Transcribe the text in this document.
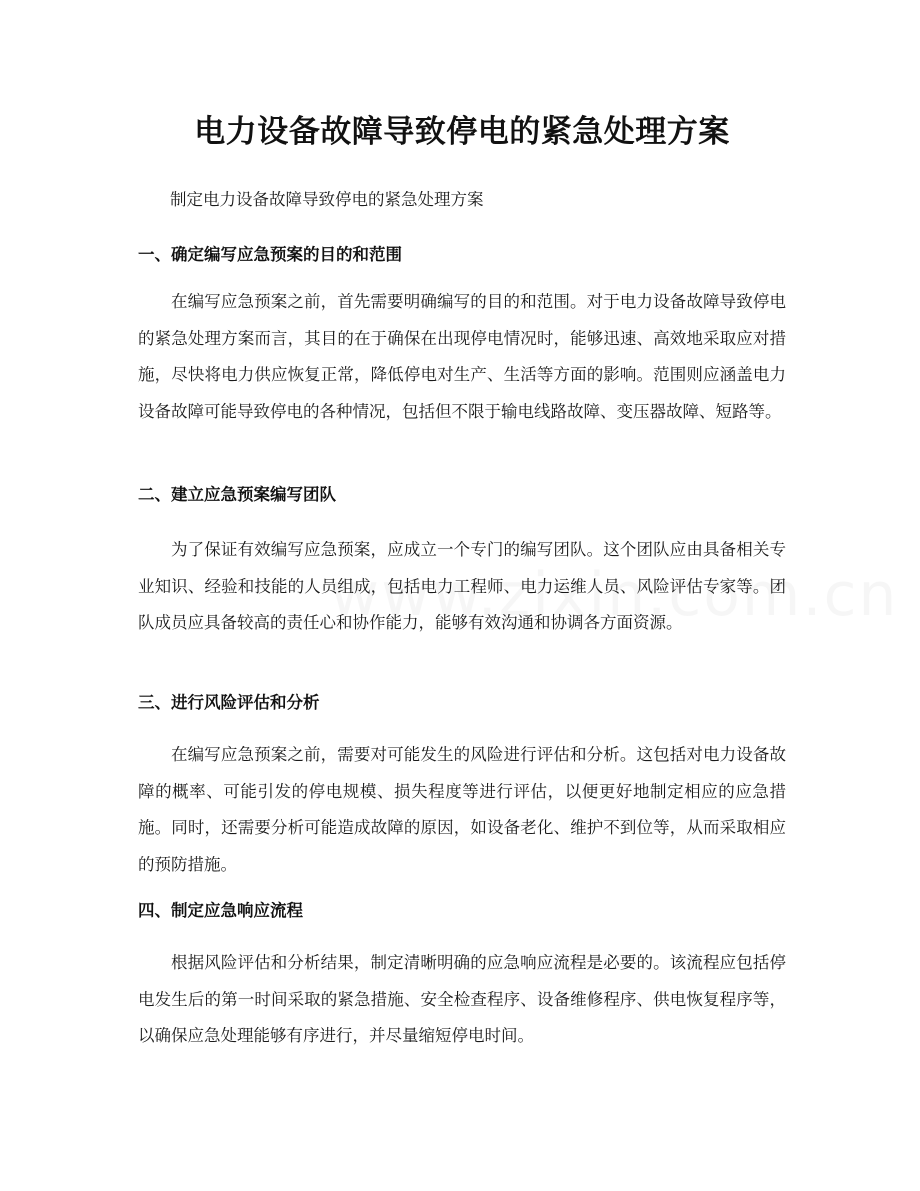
电力设备故障导致停电的紧急处理方案

制定电力设备故障导致停电的紧急处理方案

一、确定编写应急预案的目的和范围

在编写应急预案之前，首先需要明确编写的目的和范围。对于电力设备故障导致停电的紧急处理方案而言，其目的在于确保在出现停电情况时，能够迅速、高效地采取应对措施，尽快将电力供应恢复正常，降低停电对生产、生活等方面的影响。范围则应涵盖电力设备故障可能导致停电的各种情况，包括但不限于输电线路故障、变压器故障、短路等。

二、建立应急预案编写团队

为了保证有效编写应急预案，应成立一个专门的编写团队。这个团队应由具备相关专业知识、经验和技能的人员组成，包括电力工程师、电力运维人员、风险评估专家等。团队成员应具备较高的责任心和协作能力，能够有效沟通和协调各方面资源。

三、进行风险评估和分析

在编写应急预案之前，需要对可能发生的风险进行评估和分析。这包括对电力设备故障的概率、可能引发的停电规模、损失程度等进行评估，以便更好地制定相应的应急措施。同时，还需要分析可能造成故障的原因，如设备老化、维护不到位等，从而采取相应的预防措施。

四、制定应急响应流程

根据风险评估和分析结果，制定清晰明确的应急响应流程是必要的。该流程应包括停电发生后的第一时间采取的紧急措施、安全检查程序、设备维修程序、供电恢复程序等，以确保应急处理能够有序进行，并尽量缩短停电时间。
